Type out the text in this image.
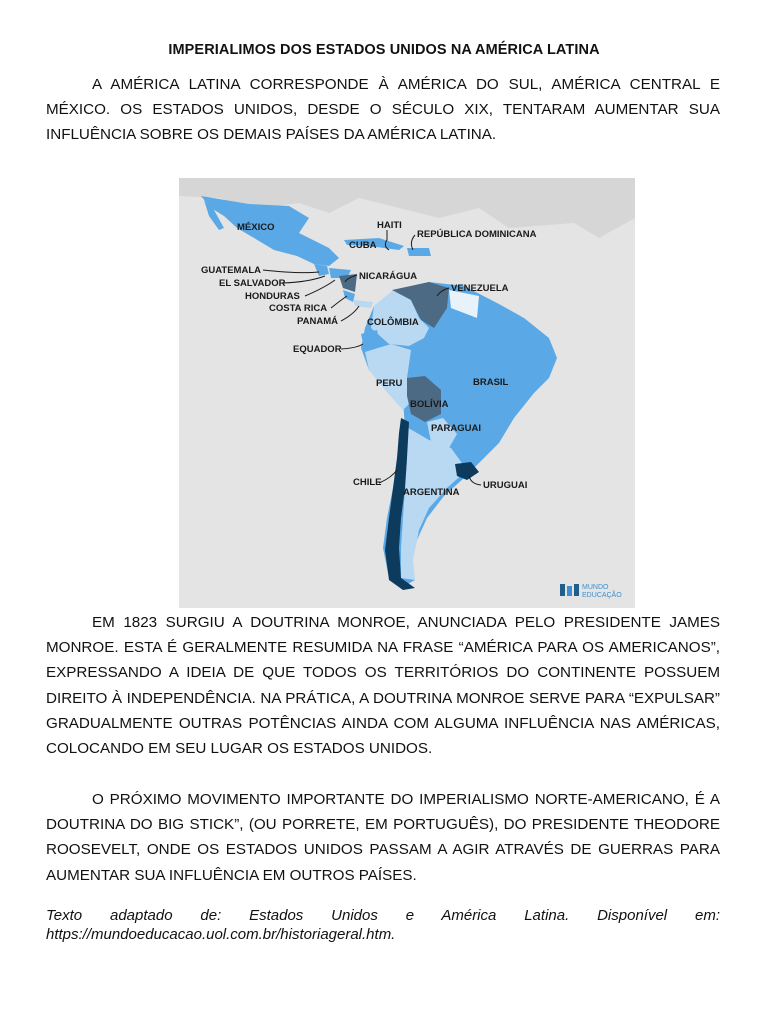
IMPERIALIMOS DOS ESTADOS UNIDOS NA AMÉRICA LATINA

A AMÉRICA LATINA CORRESPONDE À AMÉRICA DO SUL, AMÉRICA CENTRAL E MÉXICO. OS ESTADOS UNIDOS, DESDE O SÉCULO XIX, TENTARAM AUMENTAR SUA INFLUÊNCIA SOBRE OS DEMAIS PAÍSES DA AMÉRICA LATINA.

MÉXICO	HAITI
CUBA
REPÚBLICA DOMINICANA
GUATEMALA
EL SALVADOR
HONDURAS
COSTA RICA
PANAMÁ
NICARÁGUA
VENEZUELA
COLÔMBIA
EQUADOR
PERU	BRASIL
BOLÍVIA
PARAGUAI
CHILE
ARGENTINA
URUGUAI
MUNDO
EDUCAÇÃO

EM 1823 SURGIU A DOUTRINA MONROE, ANUNCIADA PELO PRESIDENTE JAMES MONROE. ESTA É GERALMENTE RESUMIDA NA FRASE “AMÉRICA PARA OS AMERICANOS”, EXPRESSANDO A IDEIA DE QUE TODOS OS TERRITÓRIOS DO CONTINENTE POSSUEM DIREITO À INDEPENDÊNCIA. NA PRÁTICA, A DOUTRINA MONROE SERVE PARA “EXPULSAR” GRADUALMENTE OUTRAS POTÊNCIAS AINDA COM ALGUMA INFLUÊNCIA NAS AMÉRICAS, COLOCANDO EM SEU LUGAR OS ESTADOS UNIDOS.

O PRÓXIMO MOVIMENTO IMPORTANTE DO IMPERIALISMO NORTE-AMERICANO, É A DOUTRINA DO BIG STICK”, (OU PORRETE, EM PORTUGUÊS), DO PRESIDENTE THEODORE ROOSEVELT, ONDE OS ESTADOS UNIDOS PASSAM A AGIR ATRAVÉS DE GUERRAS PARA AUMENTAR SUA INFLUÊNCIA EM OUTROS PAÍSES.

Texto adaptado de: Estados Unidos e América Latina. Disponível em: https://mundoeducacao.uol.com.br/historiageral.htm.
